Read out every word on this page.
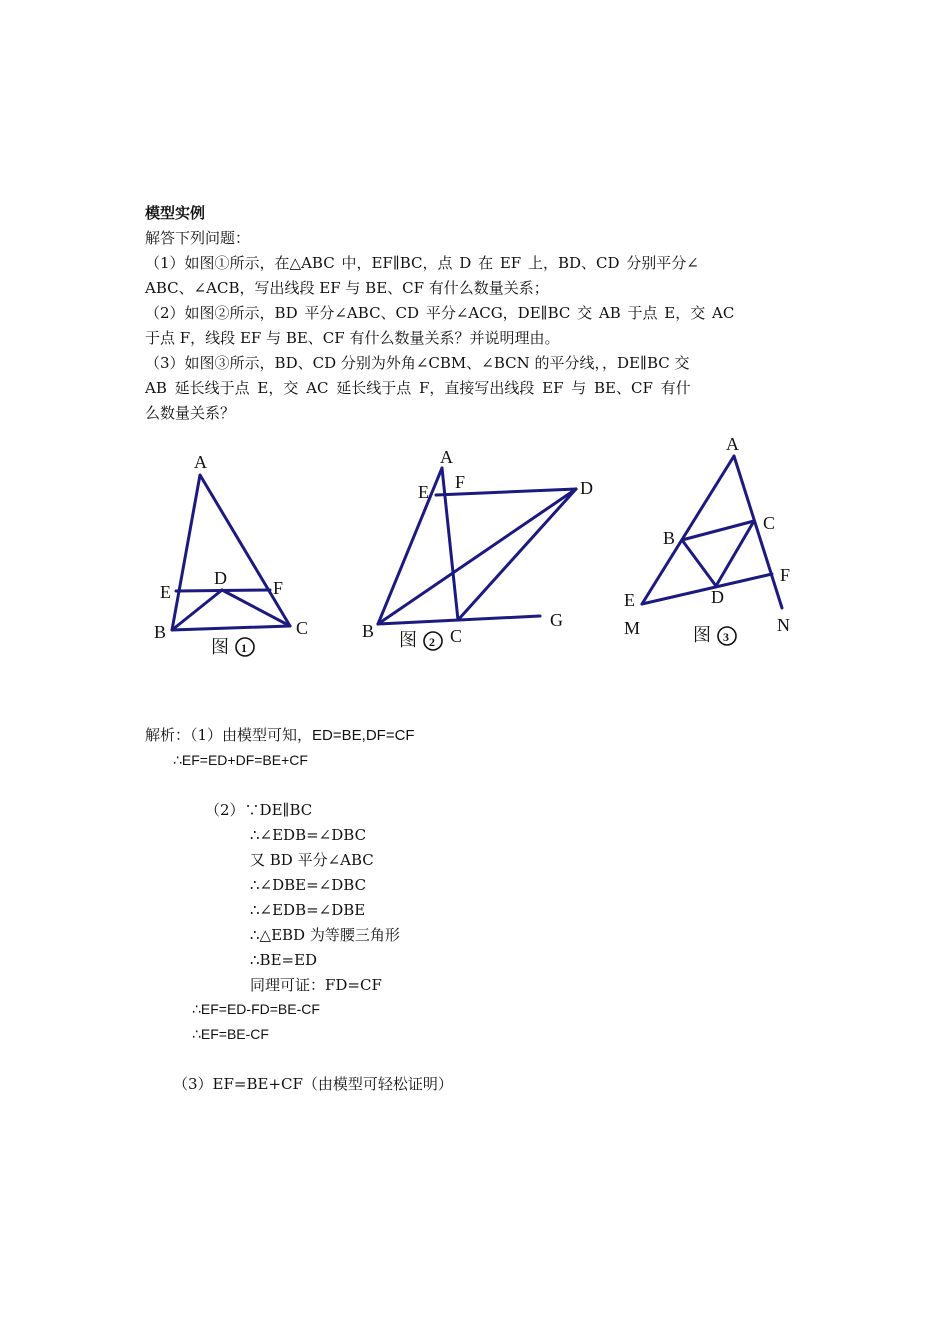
模型实例
解答下列问题：
（1）如图①所示，在△ABC 中，EF∥BC，点 D 在 EF 上，BD、CD 分别平分∠
ABC、∠ACB，写出线段 EF 与 BE、CF 有什么数量关系；
（2）如图②所示，BD 平分∠ABC、CD 平分∠ACG，DE∥BC 交 AB 于点 E，交 AC
于点 F，线段 EF 与 BE、CF 有什么数量关系？并说明理由。
（3）如图③所示，BD、CD 分别为外角∠CBM、∠BCN 的平分线，，DE∥BC 交
AB 延长线于点 E，交 AC 延长线于点 F，直接写出线段 EF 与 BE、CF 有什
么数量关系？
A
E
D	F
B	C
图 1
A
E F	D
B	C
G
图 2
A
B
C
E	D
F
M	N
图 3
解析：（1）由模型可知，ED=BE,DF=CF
∴EF=ED+DF=BE+CF
（2）∵DE∥BC
∴∠EDB=∠DBC
又 BD 平分∠ABC
∴∠DBE=∠DBC
∴∠EDB=∠DBE
∴△EBD 为等腰三角形
∴BE=ED
同理可证：FD=CF
∴EF=ED-FD=BE-CF
∴EF=BE-CF
（3）EF=BE+CF（由模型可轻松证明）
